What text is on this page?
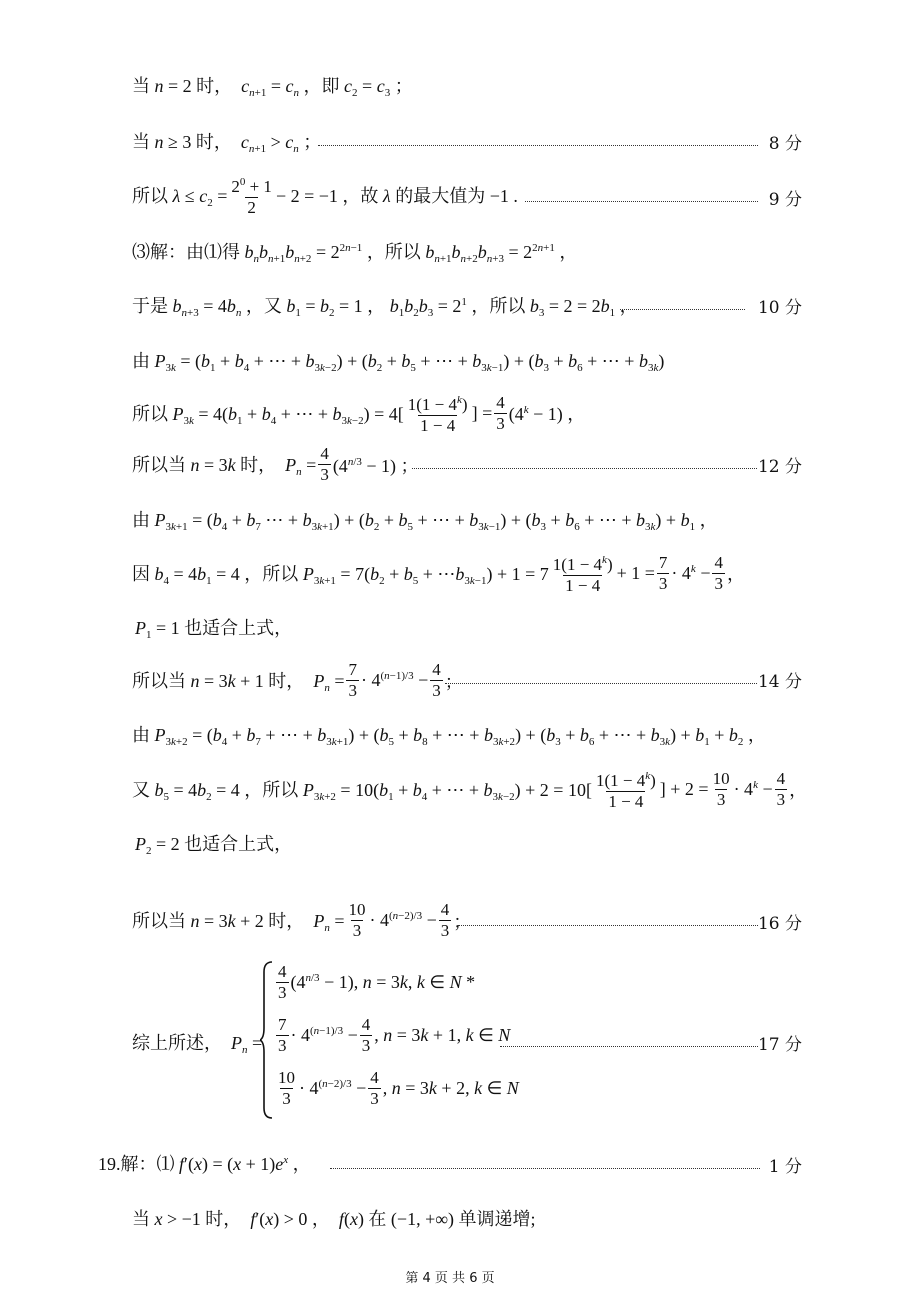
当 n = 2 时，  $c_{n+1} = c_n$ ，即 $c_2 = c_3$ ；
当 n ≥ 3 时，  $c_{n+1} > c_n$ ；	8 分
所以 $\lambda \le c_2 = \frac{2^0 + 1}{2} - 2 = -1$ ，故 λ 的最大值为 −1 .	9 分
⑶解：由⑴得 $b_nb_{n+1}b_{n+2} = 2^{2n-1}$ ，所以 $b_{n+1}b_{n+2}b_{n+3} = 2^{2n+1}$ ，
于是 $b_{n+3} = 4b_n$ ，又 $b_1 = b_2 = 1$ ， $b_1b_2b_3 = 2^1$ ，所以 $b_3 = 2 = 2b_1$ ，	10 分
由 $P_{3k} = (b_1 + b_4$ + ⋯ + $b_{3k-2}) + (b_2 + b_5$ + ⋯ + $b_{3k-1}) + (b_3 + b_6$ + ⋯ + $b_{3k}$)
所以 $P_{3k} = 4(b_1 + b_4$ + ⋯ + $b_{3k-2}) = 4[ \frac{1(1 - 4^k)}{1 - 4}$ ] = $\frac{4}{3} (4^k - 1)$ ，
所以当 n = 3k 时，  $P_n = \frac{4}{3} (4^{n/3} - 1)$ ；	12 分
由 $P_{3k+1} = (b_4 + b_7$ ⋯ + $b_{3k+1}) + (b_2 + b_5$ + ⋯ + $b_{3k-1}) + (b_3 + b_6$ + ⋯ + $b_{3k}) + b_1$ ，
因 $b_4 = 4b_1 = 4$ ，所以 $P_{3k+1} = 7(b_2 + b_5$ + $\cdots b_{3k-1}) + 1 = 7 \frac{1(1 - 4^k)}{1 - 4} + 1 = \frac{7}{3} \cdot 4^k - \frac{4}{3}$ ，
$P_1 = 1$ 也适合上式，
所以当 n = 3k + 1 时，  $P_n = \frac{7}{3} \cdot 4^{(n-1)/3} - \frac{4}{3}$ ；	14 分
由 $P_{3k+2} = (b_4 + b_7$ + ⋯ + $b_{3k+1}) + (b_5 + b_8$ + ⋯ + $b_{3k+2}) + (b_3 + b_6$ + ⋯ + $b_{3k}) + b_1 + b_2$ ，
又 $b_5 = 4b_2 = 4$ ，所以 $P_{3k+2} = 10(b_1 + b_4$ + ⋯ + $b_{3k-2}) + 2 = 10[ \frac{1(1 - 4^k)}{1 - 4}$ ] + $2 = \frac{10}{3} \cdot 4^k - \frac{4}{3}$ ，
$P_2 = 2$ 也适合上式，
所以当 n = 3k + 2 时，  $P_n = \frac{10}{3} \cdot 4^{(n-2)/3} - \frac{4}{3}$ ；	16 分
综上所述，  $P_n$ =
$\frac{4}{3} (4^{n/3} - 1)$, n = 3k, k ∈ N *
$\frac{7}{3} \cdot 4^{(n-1)/3} - \frac{4}{3}$ , n = 3k + 1, k ∈ N
$\frac{10}{3} \cdot 4^{(n-2)/3} - \frac{4}{3}$ , n = 3k + 2, k ∈ N
17 分
19.解：⑴ $f'(x) = (x + 1)e^x$ ，	1 分
当 x > −1 时，  f′(x) > 0 ，  f(x) 在 (−1, +∞) 单调递增;
第 4 页 共 6 页
